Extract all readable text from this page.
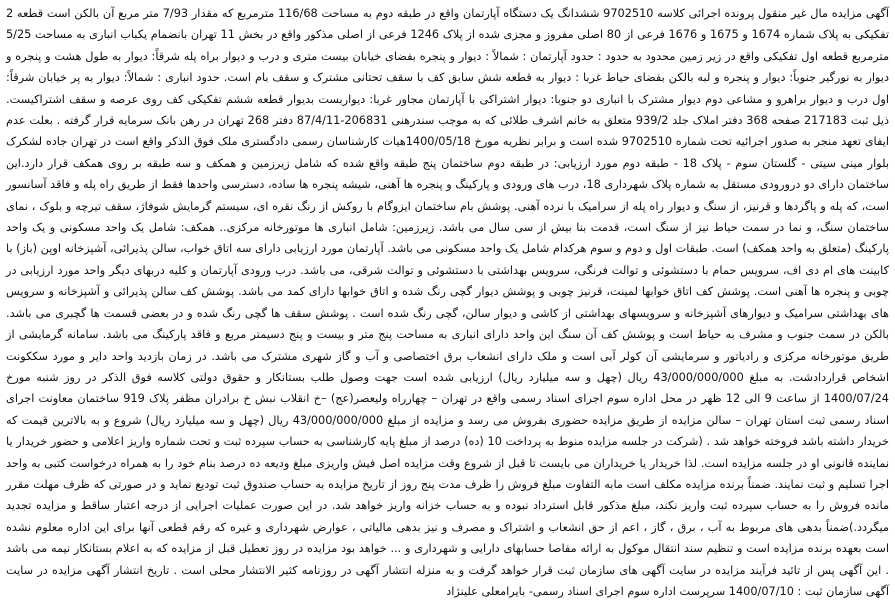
آگهی مزایده مال غیر منقول پرونده اجرائی کلاسه 9702510 ششدانگ یک دستگاه آپارتمان واقع در طبقه دوم به مساحت 116/68 مترمربع که مقدار 7/93 متر مربع آن بالکن است قطعه 2 تفکیکی به پلاک شماره 1674 و 1675 و 1676 فرعی از 80 اصلی مفروز و مجزی شده از پلاک 1246 فرعی از اصلی مذکور واقع در بخش 11 تهران بانضمام یکباب انباری به مساحت 5/25 مترمربع قطعه اول تفکیکی واقع در زیر زمین محدود به حدود : حدود آپارتمان : شمالاً : دیوار و پنجره بفضای خیابان بیست متری و درب و دیوار براه پله شرقاً: دیوار به طول هشت و پنجره و دیوار به نورگیر جنوباً: دیوار و پنجره و لبه بالکن بفضای حیاط غربا : دیوار به قطعه شش سابق کف با سقف تحتانی مشترک و سقف بام است. حدود انباری : شمالاً: دیوار به پر خیابان شرقاً: اول درب و دیوار براهرو و مشاعی دوم دیوار مشترک با انباری دو جنوبا: دیوار اشتراکی با آپارتمان مجاور غربا: دیواربست بدیوار قطعه ششم تفکیکی کف روی عرصه و سقف اشتراکیست. ذیل ثبت 217183 صفحه 368 دفتر املاک جلد 939/2 متعلق به خانم اشرف طلائی که به موجب سندرهنی 206831-87/4/11 دفتر 268 تهران در رهن بانک سرمایه قرار گرفته . بعلت عدم ایفای تعهد منجر به صدور اجرائیه تحت شماره 9702510 شده است و برابر نظریه مورخ 1400/05/18هیات کارشناسان رسمی دادگستری ملک فوق الذکر واقع است در تهران جاده لشکرک بلوار مینی سیتی - گلستان سوم - پلاک 18 - طبقه دوم مورد ارزیابی: در طبقه دوم ساختمان پنج طبقه واقع شده که شامل زیرزمین و همکف و سه طبقه بر روی همکف قرار دارد.این ساختمان دارای دو درورودی مستقل به شماره پلاک شهرداری 18، درب های ورودی و پارکینگ و پنجره ها آهنی، شیشه پنجره ها ساده، دسترسی واحدها فقط از طریق راه پله و فاقد آسانسور است، که پله و پاگردها و قرنیز، از سنگ و دیوار راه پله از سرامیک با نرده آهنی. پوشش بام ساختمان ایزوگام با روکش از رنگ نقره ای، سیستم گرمایش شوفاژ، سقف تیرچه و بلوک ، نمای ساختمان سنگ، و نما در سمت حیاط نیز از سنگ است، قدمت بنا بیش از سی سال می باشد. زیرزمین: شامل انباری ها موتورخانه مرکزی.. همکف: شامل یک واحد مسکونی و یک واحد پارکینگ (متعلق به واحد همکف) است. طبقات اول و دوم و سوم هرکدام شامل یک واحد مسکونی می باشد. آپارتمان مورد ارزیابی دارای سه اتاق خواب، سالن پذیرائی، آشپزخانه اوپن (باز) با کابینت های ام دی اف، سرویس حمام با دستشوئی و توالت فرنگی، سرویس بهداشتی با دستشوئی و توالت شرقی، می باشد. درب ورودی آپارتمان و کلیه دربهای دیگر واحد مورد ارزیابی در چوبی و پنجره ها آهنی است. پوشش کف اتاق خوابها لمینت، قرنیز چوبی و پوشش دیوار گچی رنگ شده و اتاق خوابها دارای کمد می باشد. پوشش کف سالن پذیرائی و آشپزخانه و سرویس های بهداشتی سرامیک و دیوارهای آشپزخانه و سرویسهای بهداشتی از کاشی و دیوار سالن، گچی رنگ شده است . پوشش سقف ها گچی رنگ شده و در بعضی قسمت ها گچبری می باشد. بالکن در سمت جنوب و مشرف به حیاط است و پوشش کف آن سنگ این واحد دارای انباری به مساحت پنج متر و بیست و پنج دسیمتر مربع و فاقد پارکینگ می باشد. سامانه گرمایشی از طریق موتورخانه مرکزی و رادیاتور و سرمایشی آن کولر آبی است و ملک دارای انشعاب برق اختصاصی و آب و گاز شهری مشترک می باشد. در زمان بازدید واحد دایر و مورد سککونت اشخاص قراردادشت. به مبلغ 43/000/000/000 ریال (چهل و سه میلیارد ریال) ارزیابی شده است جهت وصول طلب بستانکار و حقوق دولتی کلاسه فوق الذکر در روز شنبه مورخ 1400/07/24 از ساعت 9 الی 12 ظهر در محل اداره سوم اجرای اسناد رسمی واقع در تهران – چهارراه ولیعصر(عج) –خ انقلاب نبش خ برادران مظفر پلاک 919 ساختمان معاونت اجرای اسناد رسمی ثبت استان تهران – سالن مزایده از طریق مزایده حضوری بفروش می رسد و مزایده از مبلغ 43/000/000/000 ریال (چهل و سه میلیارد ریال) شروع و به بالاترین قیمت که خریدار داشته باشد فروخته خواهد شد . (شرکت در جلسه مزایده منوط به پرداخت 10 (ده) درصد از مبلغ پایه کارشناسی به حساب سپرده ثبت و تحت شماره واریز اعلامی و حضور خریدار یا نماینده قانونی او در جلسه مزایده است. لذا خریدار یا خریداران می بایست تا قبل از شروع وقت مزایده اصل فیش واریزی مبلغ ودیعه ده درصد بنام خود را به همراه درخواست کتبی به واحد اجرا تسلیم و ثبت نمایند. ضمناً برنده مزایده مکلف است مابه التفاوت مبلغ فروش را ظرف مدت پنج روز از تاریخ مزایده به حساب صندوق ثبت تودیع نماید و در صورتی که ظرف مهلت مقرر مانده فروش را به حساب سپرده ثبت واریز نکند، مبلغ مذکور قابل استرداد نبوده و به حساب خزانه واریز خواهد شد. در این صورت عملیات اجرایی از درجه اعتبار ساقط و مزایده تجدید میگردد.)ضمناً بدهی های مربوط به آب ، برق ، گاز ، اعم از حق انشعاب و اشتراک و مصرف و نیز بدهی مالیاتی ، عوارض شهرداری و غیره که رقم قطعی آنها برای این اداره معلوم نشده است بعهده برنده مزایده است و تنظیم سند انتقال موکول به ارائه مفاصا حسابهای دارایی و شهرداری و ... خواهد بود مزایده در روز تعطیل قبل از مزایده که به اعلام بستانکار نیمه می باشد . این آگهی پس از تائید فرآیند مزایده در سایت آگهی های سازمان ثبت قرار خواهد گرفت و به منزله انتشار آگهی در روزنامه کثیر الانتشار محلی است . تاریخ انتشار آگهی مزایده در سایت آگهی سازمان ثبت : 1400/07/10 سرپرست اداره سوم اجرای اسناد رسمی- بایرامعلی علینژاد
